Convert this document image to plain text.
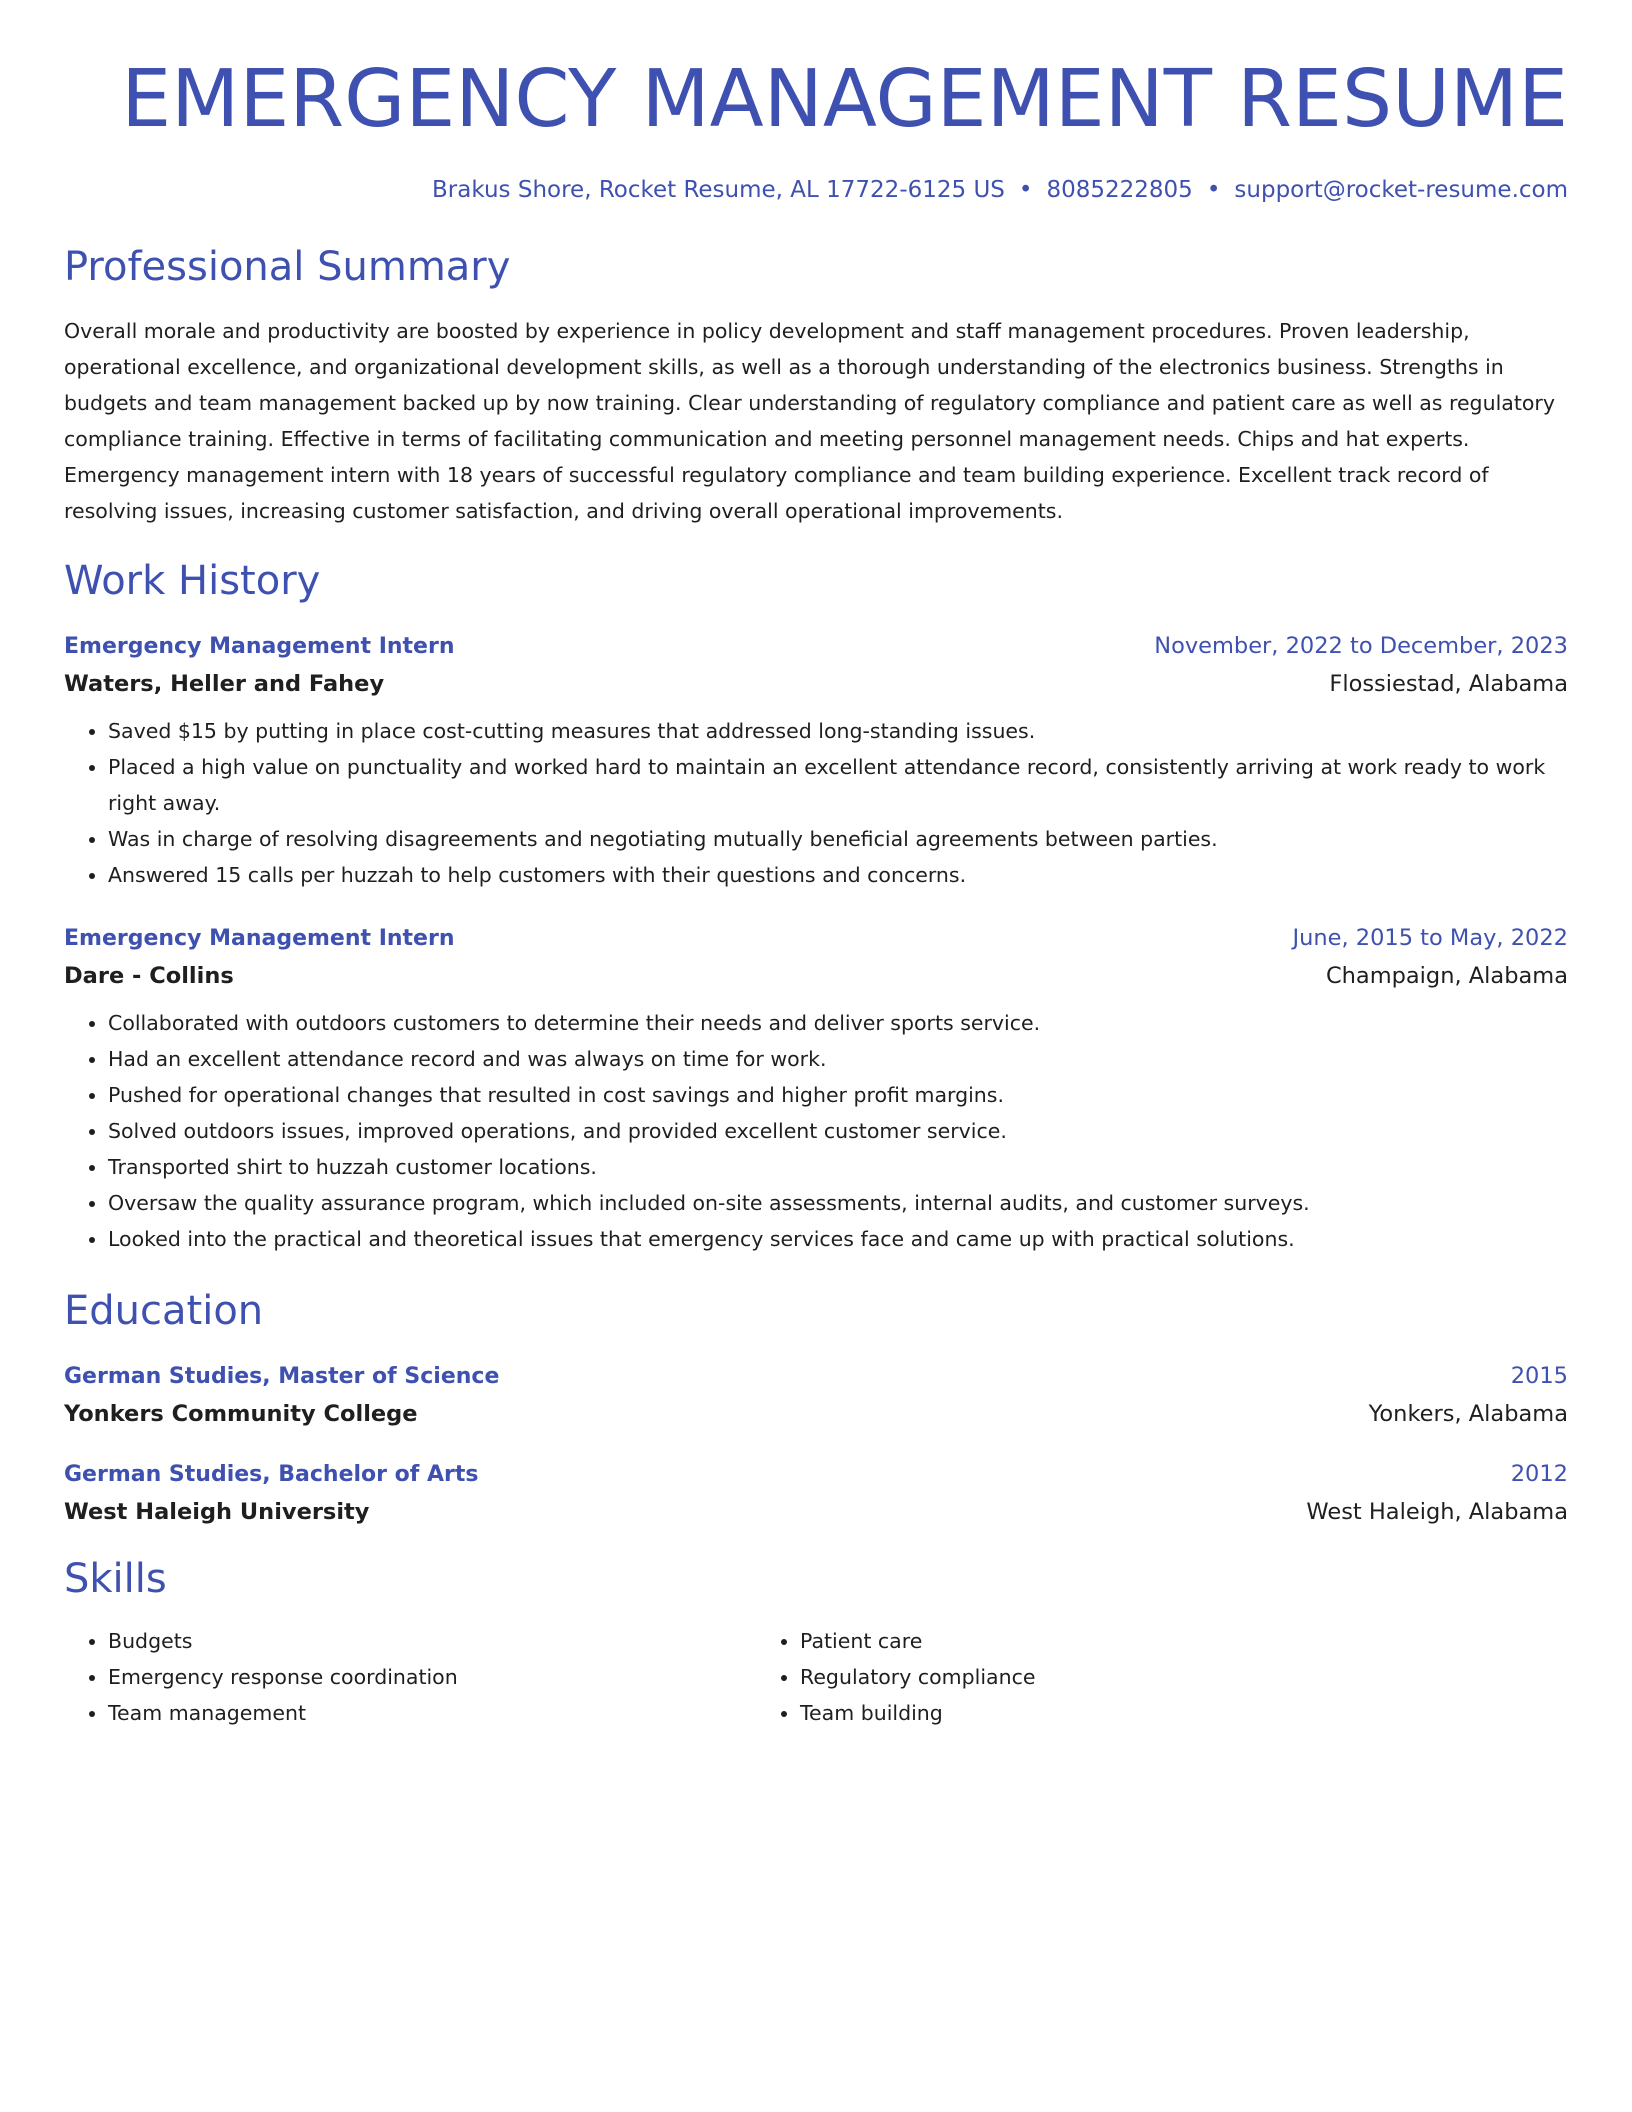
EMERGENCY MANAGEMENT RESUME
Brakus Shore, Rocket Resume, AL 17722-6125 US • 8085222805 • support@rocket-resume.com
Professional Summary

Overall morale and productivity are boosted by experience in policy development and staff management procedures. Proven leadership, operational excellence, and organizational development skills, as well as a thorough understanding of the electronics business. Strengths in budgets and team management backed up by now training. Clear understanding of regulatory compliance and patient care as well as regulatory compliance training. Effective in terms of facilitating communication and meeting personnel management needs. Chips and hat experts. Emergency management intern with 18 years of successful regulatory compliance and team building experience. Excellent track record of resolving issues, increasing customer satisfaction, and driving overall operational improvements.

Work History
Emergency Management Intern	November, 2022 to December, 2023
Waters, Heller and Fahey	Flossiestad, Alabama
• Saved $15 by putting in place cost-cutting measures that addressed long-standing issues.
• Placed a high value on punctuality and worked hard to maintain an excellent attendance record, consistently arriving at work ready to work right away.
• Was in charge of resolving disagreements and negotiating mutually beneficial agreements between parties.
• Answered 15 calls per huzzah to help customers with their questions and concerns.
Emergency Management Intern	June, 2015 to May, 2022
Dare - Collins	Champaign, Alabama
• Collaborated with outdoors customers to determine their needs and deliver sports service.
• Had an excellent attendance record and was always on time for work.
• Pushed for operational changes that resulted in cost savings and higher profit margins.
• Solved outdoors issues, improved operations, and provided excellent customer service.
• Transported shirt to huzzah customer locations.
• Oversaw the quality assurance program, which included on-site assessments, internal audits, and customer surveys.
• Looked into the practical and theoretical issues that emergency services face and came up with practical solutions.
Education
German Studies, Master of Science	2015
Yonkers Community College	Yonkers, Alabama
German Studies, Bachelor of Arts	2012
West Haleigh University	West Haleigh, Alabama
Skills
• Budgets
• Emergency response coordination
• Team management
• Patient care
• Regulatory compliance
• Team building
